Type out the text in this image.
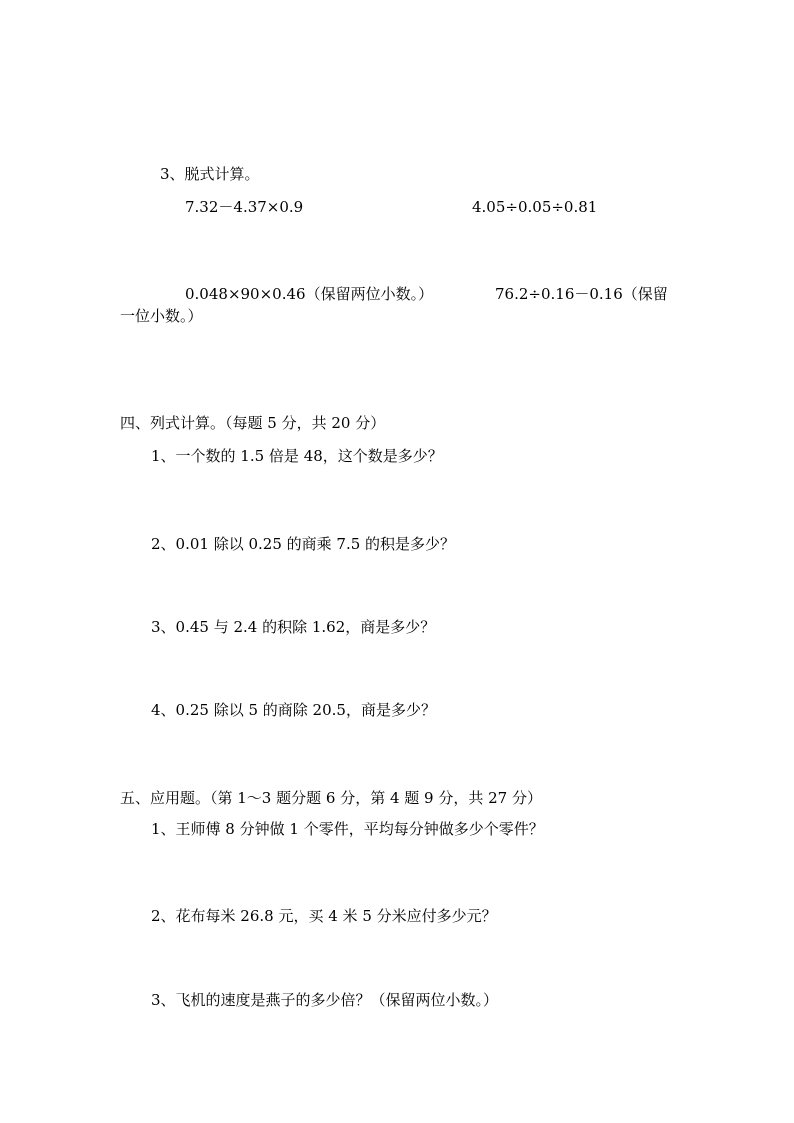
3、脱式计算。
7.32－4.37×0.9	4.05÷0.05÷0.81
0.048×90×0.46（保留两位小数。）	76.2÷0.16－0.16（保留
一位小数。）
四、列式计算。（每题 5 分，共 20 分）
1、一个数的 1.5 倍是 48，这个数是多少？
2、0.01 除以 0.25 的商乘 7.5 的积是多少？
3、0.45 与 2.4 的积除 1.62，商是多少？
4、0.25 除以 5 的商除 20.5，商是多少？
五、应用题。（第 1～3 题分题 6 分，第 4 题 9 分，共 27 分）
1、王师傅 8 分钟做 1 个零件，平均每分钟做多少个零件？
2、花布每米 26.8 元，买 4 米 5 分米应付多少元？
3、飞机的速度是燕子的多少倍？（保留两位小数。）
